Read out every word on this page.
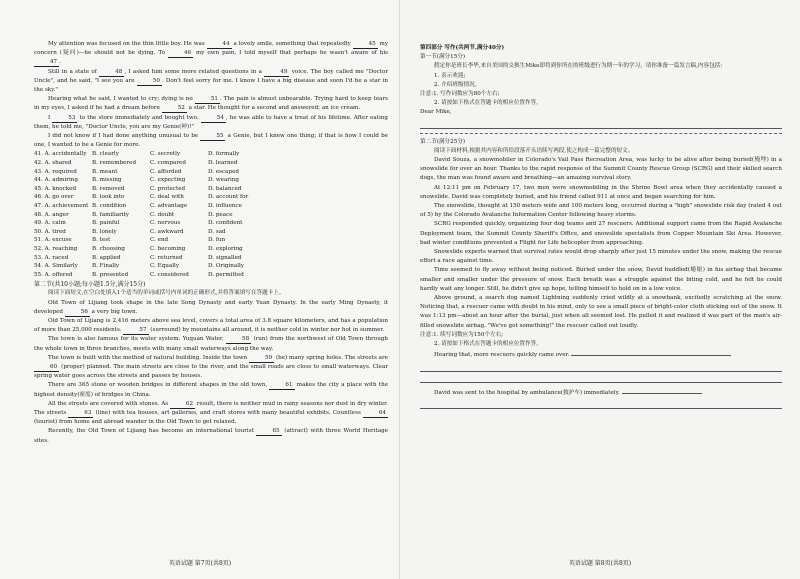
My attention was focused on the thin little boy. He was	44 a lovely smile, something that repeatedly	45 my concern (疑问)—he should not be dying. To	46 my own pain, I told myself that perhaps he wasn't aware of his 47 .

Still in a state of	48 , I asked him some more related questions in a	49 voice. The boy called me "Doctor Uncle", and he said, "I see you are	50 . Don't feel sorry for me. I know I have a big disease and soon I'd be a star in the sky."

Hearing what he said, I wanted to cry; dying is no	51 . The pain is almost unbearable. Trying hard to keep tears in my eyes, I asked if he had a dream before	52 a star. He thought for a second and answered; an ice cream.

I	53 to the store immediately and bought two.	54 , he was able to have a treat of his lifetime. After eating them, he told me, "Doctor Uncle, you are my Genie(神)!"

I did not know if I had done anything unusual to be	55 a Genie, but I knew one thing; if that is how I could be one, I wanted to be a Genie for more.

41. A. accidentally B. clearly	C. secretly	D. formally
42. A. shared	B. remembered	C. compared	D. learned
43. A. required	B. meant	C. afforded	D. escaped
44. A. admiring	B. missing	C. expecting	D. wearing
45. A. knocked	B. removed	C. protected	D. balanced
46. A. go over	B. look into	C. deal with	D. account for
47. A. achievement B. condition	C. advantage	D. influence
48. A. anger	B. familiarity	C. doubt	D. peace
49. A. calm	B. painful	C. nervous	D. confident
50. A. tired	B. lonely	C. awkward	D. sad
51. A. excuse	B. test	C. end	D. fun
52. A. reaching	B. choosing	C. becoming	D. exploring
53. A. raced	B. applied	C. returned	D. signalled
54. A. Similarly	B. Finally	C. Equally	D. Originally
55. A. offered	B. presented	C. considered	D. permitted

第二节(共10小题;每小题1.5分,满分15分)

阅读下面短文,在空白处填入1个适当的单词或括号内单词的正确形式,并将答案填写在答题卡上。

Old Town of Lijiang took shape in the late Song Dynasty and early Yuan Dynasty. In the early Ming Dynasty, it developed	56 a very big town.

Old Town of Lijiang is 2,416 meters above sea level, covers a total area of 3.8 square kilometers, and has a population of more than 25,000 residents.	57 (surround) by mountains all around, it is neither cold in winter nor hot in summer.

The town is also famous for its water system. Yuquan Water,	58 (run) from the northwest of Old Town through the whole town in three branches, meets with many small waterways along the way.

The town is built with the method of natural building. Inside the town	59 (be) many spring holes. The streets are 60 (proper) planned. The main streets are close to the river, and the small roads are close to small waterways. Clear spring water goes across the streets and passes by houses.

There are 365 stone or wooden bridges in different shapes in the old town,	61 makes the city a place with the highest density(密度) of bridges in China.

All the streets are covered with stones. As	62 result, there is neither mud in rainy seasons nor dust in dry winter. The streets	63 (line) with tea houses, art galleries, and craft stores with many beautiful exhibits. Countless	64 (tourist) from home and abroad wander in the Old Town to get relaxed.

Recently, the Old Town of Lijiang has become an international tourist	65 (attract) with three World Heritage sites.

英语试题 第7页(共8页)

第四部分 写作(共两节,满分40分)

第一节(满分15分)

假定你是班长李华,来自美国的交换生Mike即将到你所在的班级进行为期一年的学习。请你准备一篇发言稿,内容包括:

1. 表示欢迎;

2. 介绍班级情况。

注意:1. 写作词数应为80个左右;

2. 请按如下格式在答题卡的相应位置作答。

Dear Mike,

第二节(满分25分)

阅读下面材料,根据其内容和所给段落开头语续写两段,使之构成一篇完整的短文。

David Souza, a snowmobiler in Colorado's Vail Pass Recreation Area, was lucky to be alive after being buried(掩埋) in a snowslide for over an hour. Thanks to the rapid response of the Summit County Rescue Group (SCRG) and their skilled search dogs, the man was found aware and breathing—an amazing survival story.

At 12:11 pm on February 17, two men were snowmobiling in the Shrine Bowl area when they accidentally caused a snowslide. David was completely buried, and his friend called 911 at once and began searching for him.

The snowslide, thought at 150 meters wide and 100 meters long, occurred during a "high" snowslide risk day (rated 4 out of 5) by the Colorado Avalanche Information Center following heavy storms.

SCRG responded quickly, organizing four dog teams and 27 rescuers. Additional support came from the Rapid Avalanche Deployment team, the Summit County Sheriff's Office, and snowslide specialists from Copper Mountain Ski Area. However, bad winter conditions prevented a Flight for Life helicopter from approaching.

Snowslide experts warned that survival rates would drop sharply after just 15 minutes under the snow, making the rescue effort a race against time.

Time seemed to fly away without being noticed. Buried under the snow, David huddled(蜷缩) in his airbag that became smaller and smaller under the pressure of snow. Each breath was a struggle against the biting cold, and he felt he could hardly wait any longer. Still, he didn't give up hope, telling himself to hold on in a low voice.

Above ground, a search dog named Lightning suddenly cried wildly at a snowbank, excitedly scratching at the snow. Noticing that, a rescuer came with doubt in his mind, only to see a small piece of bright-color cloth sticking out of the snow. It was 1:13 pm—about an hour after the burial, just when all seemed lost. He pulled it and realized it was part of the man's air-filled snowslide airbag. "We've got something!" the rescuer called out loudly.

注意:1. 续写词数应为150个左右;

2. 请按如下格式在答题卡的相应位置作答。

Hearing that, more rescuers quickly came over.

David was sent to the hospital by ambulance(救护车) immediately.

英语试题 第8页(共8页)
